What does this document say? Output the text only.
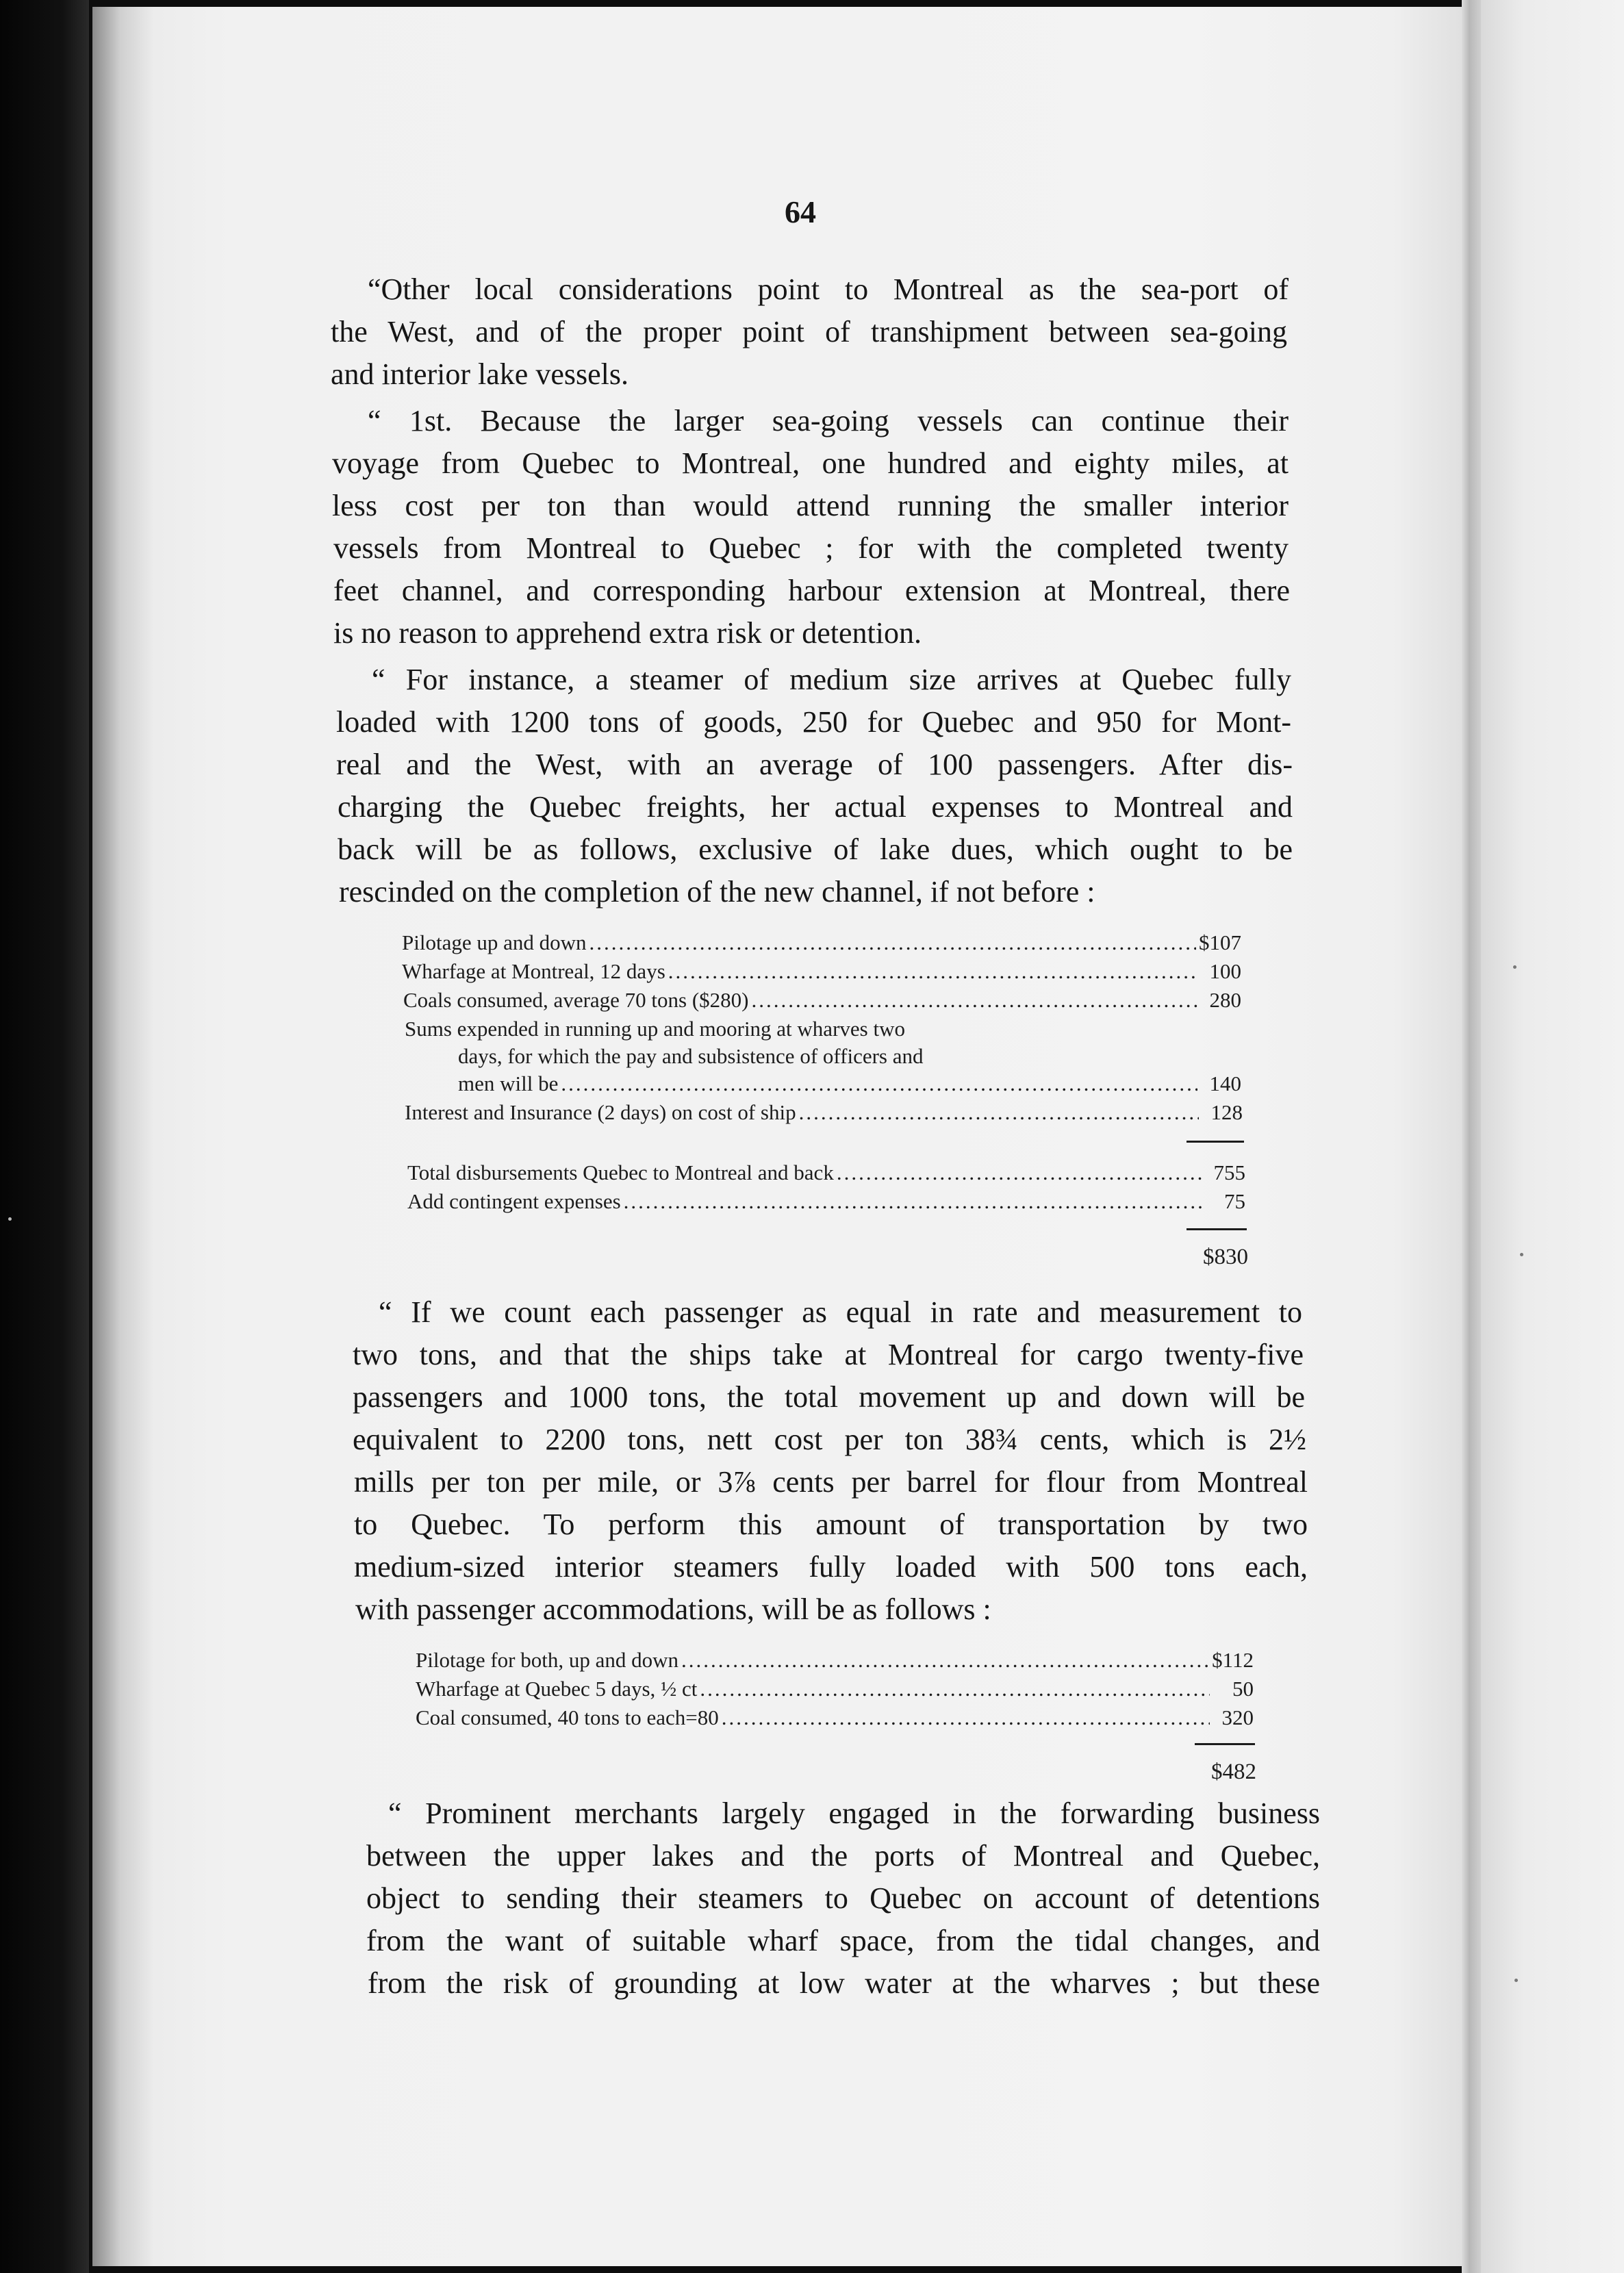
64
“Other local considerations point to Montreal as the sea-port of
the West, and of the proper point of transhipment between sea-going
and interior lake vessels.
“ 1st. Because the larger sea-going vessels can continue their
voyage from Quebec to Montreal, one hundred and eighty miles, at
less cost per ton than would attend running the smaller interior
vessels from Montreal to Quebec ; for with the completed twenty
feet channel, and corresponding harbour extension at Montreal, there
is no reason to apprehend extra risk or detention.
“ For instance, a steamer of medium size arrives at Quebec fully
loaded with 1200 tons of goods, 250 for Quebec and 950 for Mont-
real and the West, with an average of 100 passengers. After dis-
charging the Quebec freights, her actual expenses to Montreal and
back will be as follows, exclusive of lake dues, which ought to be
rescinded on the completion of the new channel, if not before :
Pilotage up and down .....	$107
Wharfage at Montreal, 12 days .....	100
Coals consumed, average 70 tons ($280) .....	280
Sums expended in running up and mooring at wharves two
days, for which the pay and subsistence of officers and
men will be .....	140
Interest and Insurance (2 days) on cost of ship .....	128
Total disbursements Quebec to Montreal and back .....	755
Add contingent expenses .....	75
$830
“ If we count each passenger as equal in rate and measurement to
two tons, and that the ships take at Montreal for cargo twenty-five
passengers and 1000 tons, the total movement up and down will be
equivalent to 2200 tons, nett cost per ton 38¾ cents, which is 2½
mills per ton per mile, or 3⅞ cents per barrel for flour from Montreal
to Quebec. To perform this amount of transportation by two
medium-sized interior steamers fully loaded with 500 tons each,
with passenger accommodations, will be as follows :
Pilotage for both, up and down .....	$112
Wharfage at Quebec 5 days, ½ ct .....	50
Coal consumed, 40 tons to each=80 .....	320
$482
“ Prominent merchants largely engaged in the forwarding business
between the upper lakes and the ports of Montreal and Quebec,
object to sending their steamers to Quebec on account of detentions
from the want of suitable wharf space, from the tidal changes, and
from the risk of grounding at low water at the wharves ; but these
